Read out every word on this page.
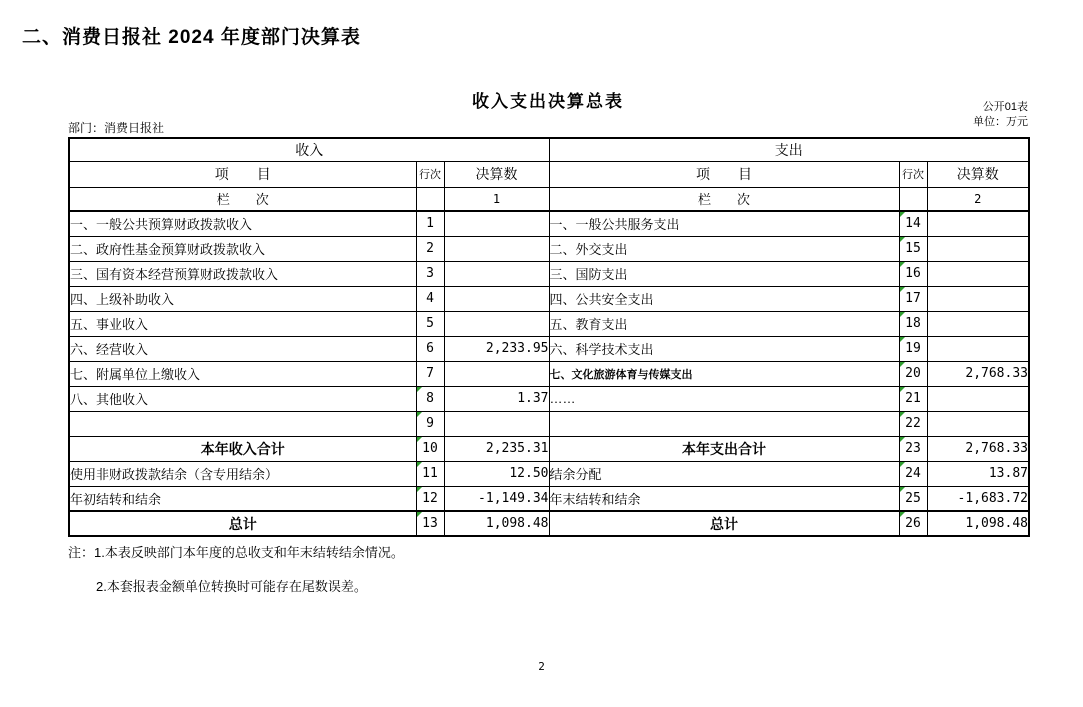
二、消费日报社 2024 年度部门决算表
收入支出决算总表	公开01表
单位：万元
部门：消费日报社
收入			支出		
项　　目	行次	决算数	项　　目	行次	决算数
栏　　次		1	栏　　次		2
一、一般公共预算财政拨款收入	1		一、一般公共服务支出	14	
二、政府性基金预算财政拨款收入	2		二、外交支出	15	
三、国有资本经营预算财政拨款收入	3		三、国防支出	16	
四、上级补助收入	4		四、公共安全支出	17	
五、事业收入	5		五、教育支出	18	
六、经营收入	6	2,233.95	六、科学技术支出	19	
七、附属单位上缴收入	7		七、文化旅游体育与传媒支出	20	2,768.33
八、其他收入	8	1.37	……	21	
	9			22	
本年收入合计	10	2,235.31	本年支出合计	23	2,768.33
使用非财政拨款结余（含专用结余）	11	12.50	结余分配	24	13.87
年初结转和结余	12	-1,149.34	年末结转和结余	25	-1,683.72
总计	13	1,098.48	总计	26	1,098.48
注：1.本表反映部门本年度的总收支和年末结转结余情况。
2.本套报表金额单位转换时可能存在尾数误差。
2
